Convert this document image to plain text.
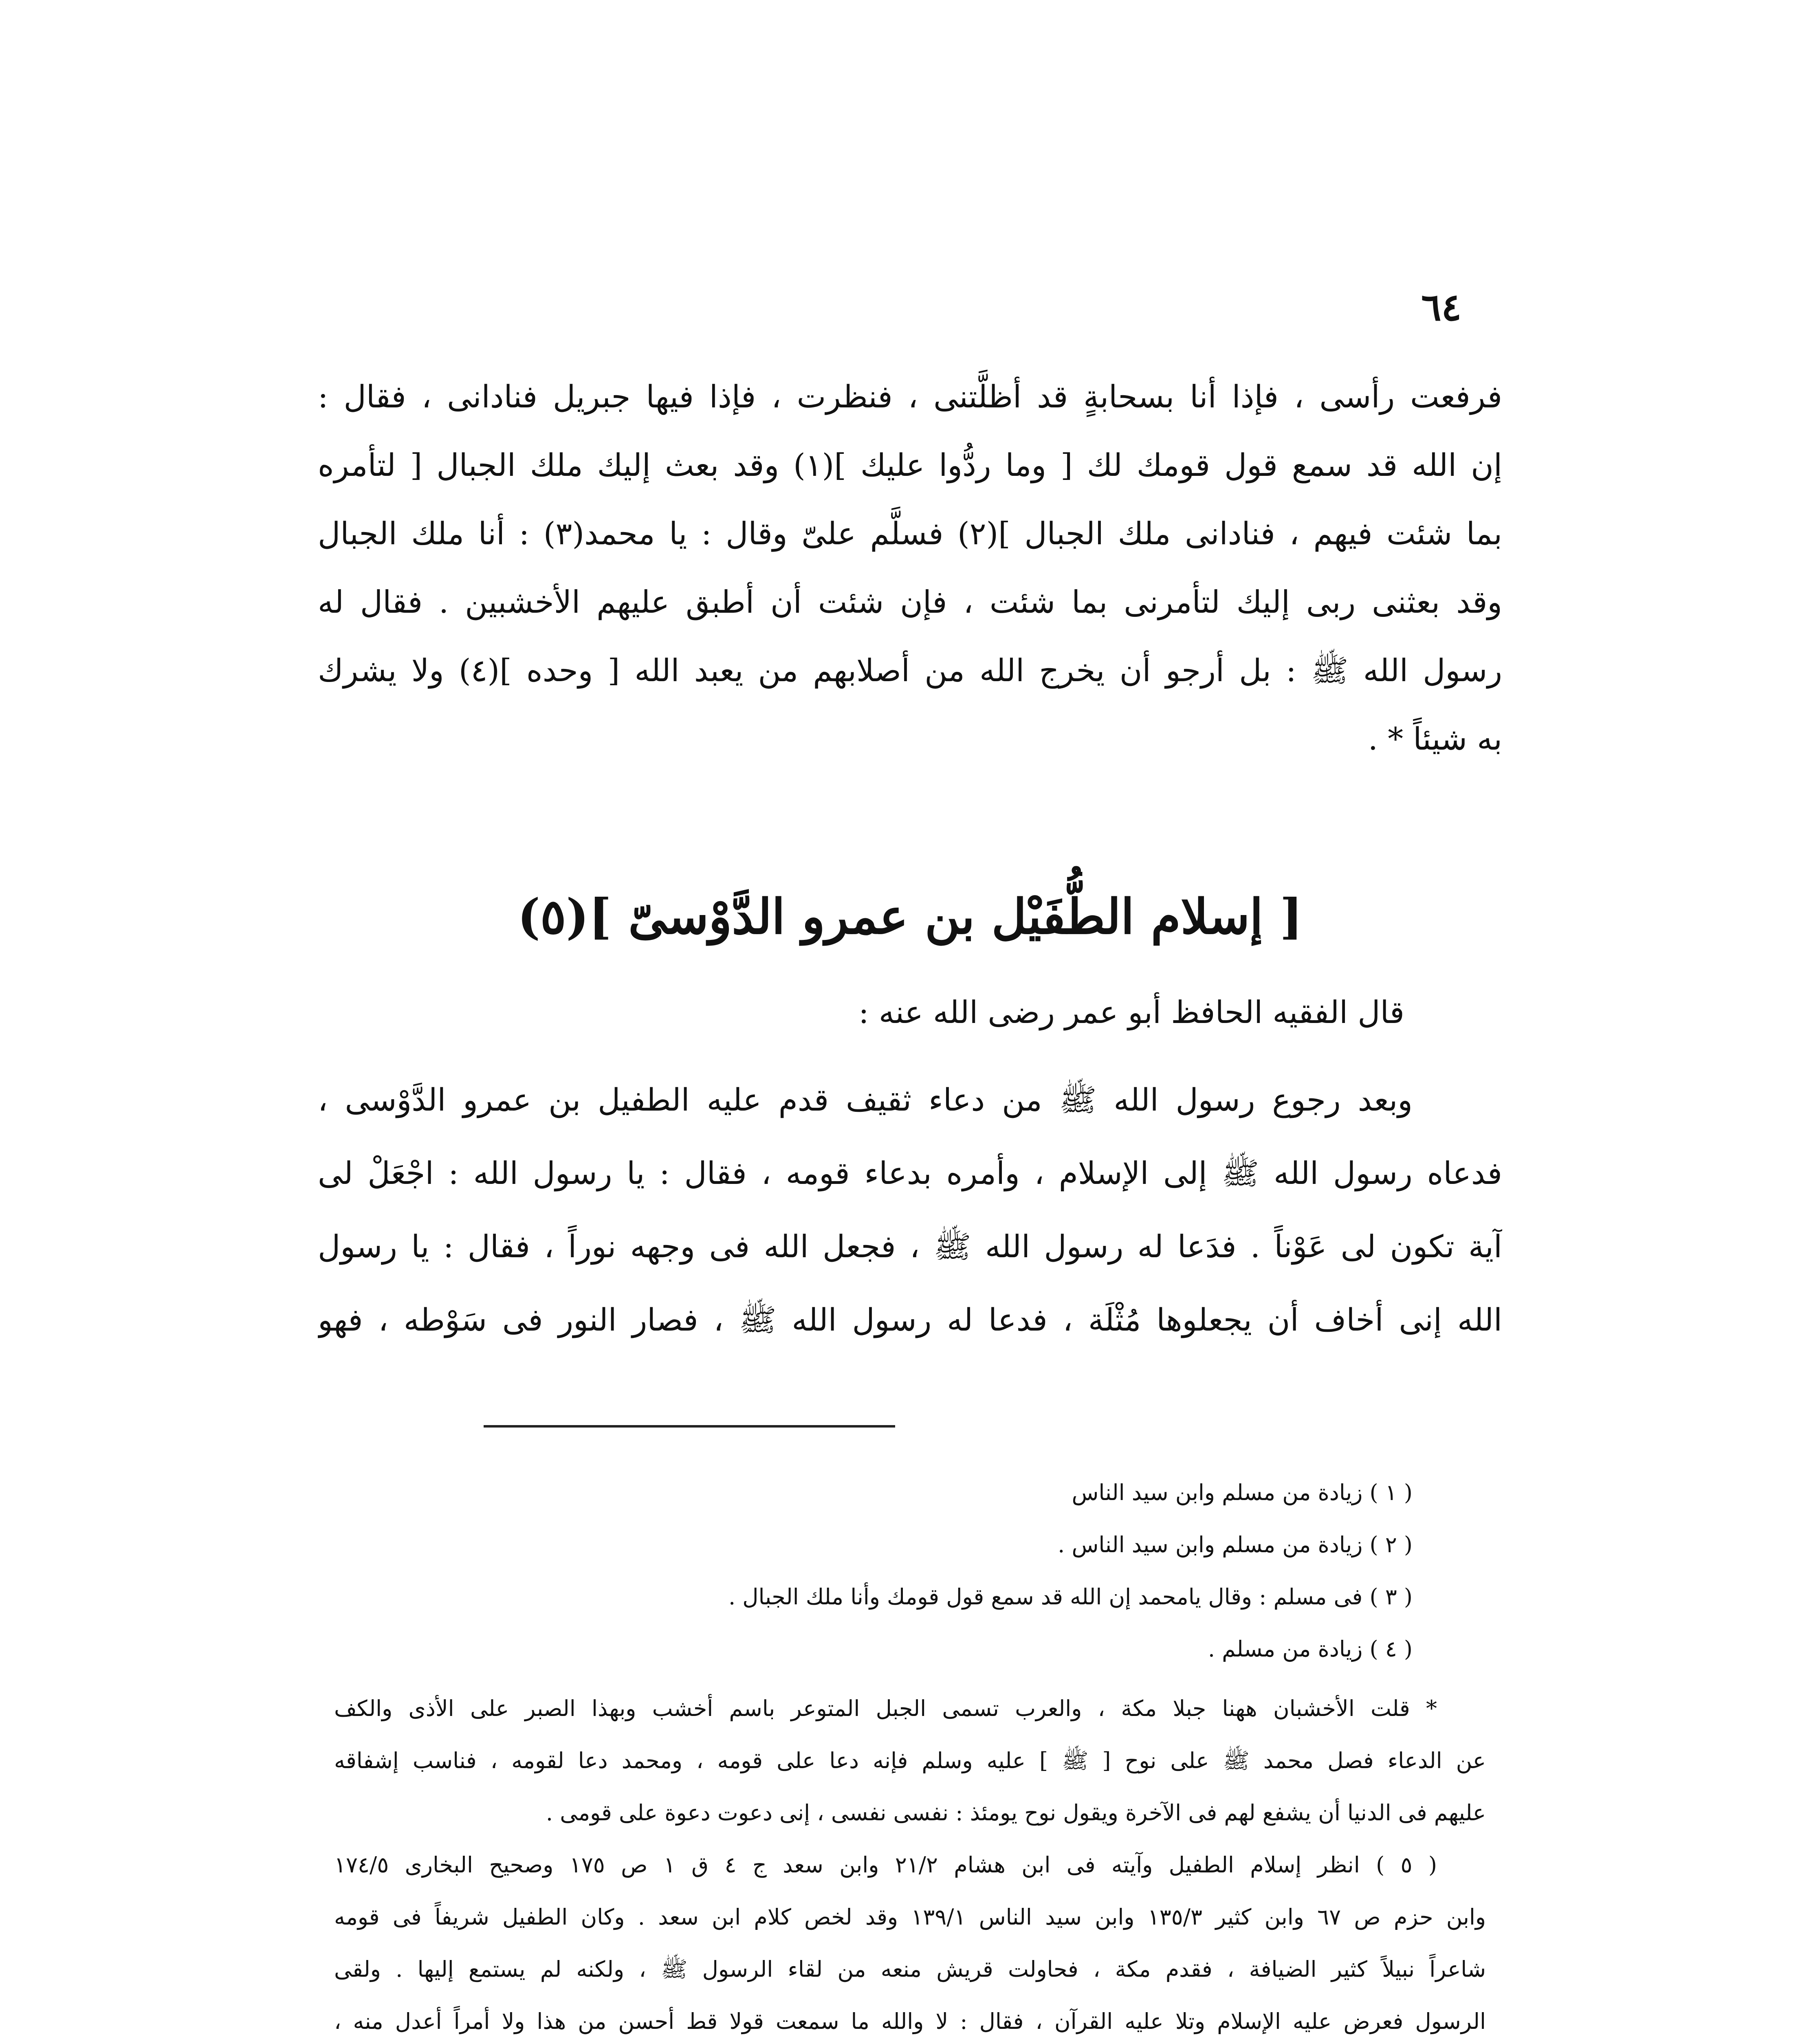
٦٤
فرفعت رأسى ، فإذا أنا بسحابةٍ قد أظلَّتنى ، فنظرت ، فإذا فيها جبريل فنادانى ، فقال :
إن الله قد سمع قول قومك لك [ وما ردُّوا عليك ](١) وقد بعث إليك ملك الجبال [ لتأمره
بما شئت فيهم ، فنادانى ملك الجبال ](٢) فسلَّم علىّ وقال : يا محمد(٣) : أنا ملك الجبال
وقد بعثنى ربى إليك لتأمرنى بما شئت ، فإن شئت أن أطبق عليهم الأخشبين . فقال له
رسول الله ﷺ : بل أرجو أن يخرج الله من أصلابهم من يعبد الله [ وحده ](٤) ولا يشرك
به شيئاً * .
[ إسلام الطُّفَيْل بن عمرو الدَّوْسىّ ](٥)
قال الفقيه الحافظ أبو عمر رضى الله عنه :
وبعد رجوع رسول الله ﷺ من دعاء ثقيف قدم عليه الطفيل بن عمرو الدَّوْسى ،
فدعاه رسول الله ﷺ إلى الإسلام ، وأمره بدعاء قومه ، فقال : يا رسول الله : اجْعَلْ لى
آية تكون لى عَوْناً . فدَعا له رسول الله ﷺ ، فجعل الله فى وجهه نوراً ، فقال : يا رسول
الله إنى أخاف أن يجعلوها مُثْلَة ، فدعا له رسول الله ﷺ ، فصار النور فى سَوْطه ، فهو
( ١ ) زيادة من مسلم وابن سيد الناس
( ٢ ) زيادة من مسلم وابن سيد الناس .
( ٣ ) فى مسلم : وقال يامحمد إن الله قد سمع قول قومك وأنا ملك الجبال .
( ٤ ) زيادة من مسلم .
* قلت الأخشبان ههنا جبلا مكة ، والعرب تسمى الجبل المتوعر باسم أخشب وبهذا الصبر على الأذى والكف
عن الدعاء فصل محمد ﷺ على نوح [ ﷺ ] عليه وسلم فإنه دعا على قومه ، ومحمد دعا لقومه ، فناسب إشفاقه
عليهم فى الدنيا أن يشفع لهم فى الآخرة ويقول نوح يومئذ : نفسى نفسى ، إنى دعوت دعوة على قومى .
( ٥ ) انظر إسلام الطفيل وآيته فى ابن هشام ٢١/٢ وابن سعد ج ٤ ق ١ ص ١٧٥ وصحيح البخارى ١٧٤/٥
وابن حزم ص ٦٧ وابن كثير ١٣٥/٣ وابن سيد الناس ١٣٩/١ وقد لخص كلام ابن سعد . وكان الطفيل شريفاً فى قومه
شاعراً نبيلاً كثير الضيافة ، فقدم مكة ، فحاولت قريش منعه من لقاء الرسول ﷺ ، ولكنه لم يستمع إليها . ولقى
الرسول فعرض عليه الإسلام وتلا عليه القرآن ، فقال : لا والله ما سمعت قولا قط أحسن من هذا ولا أمراً أعدل منه ،
